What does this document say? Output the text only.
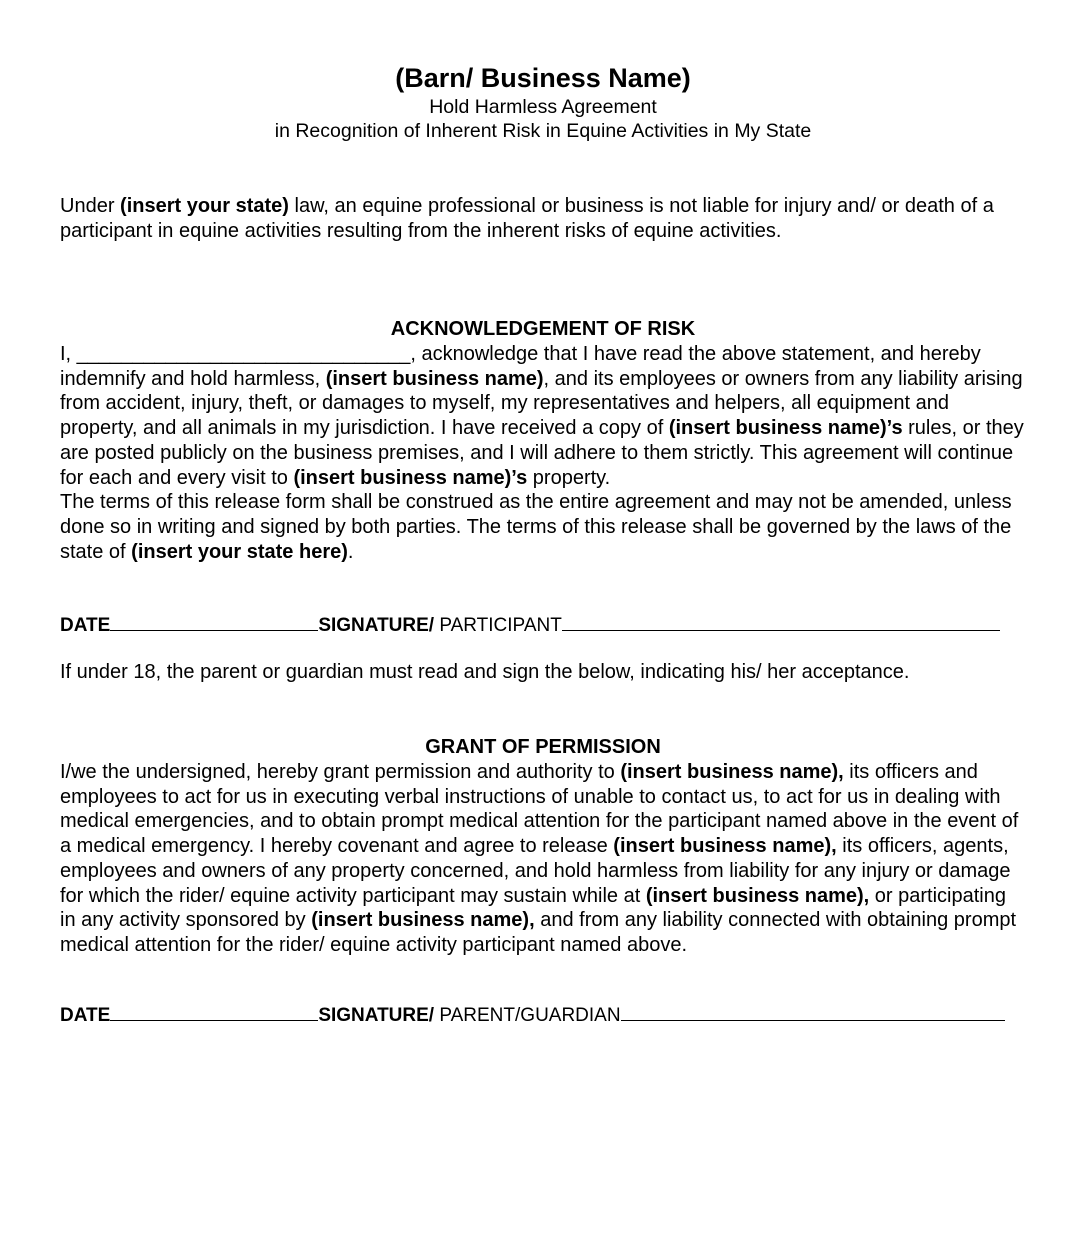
(Barn/ Business Name)
Hold Harmless Agreement
in Recognition of Inherent Risk in Equine Activities in My State
Under (insert your state) law, an equine professional or business is not liable for injury and/ or death of a participant in equine activities resulting from the inherent risks of equine activities.
ACKNOWLEDGEMENT OF RISK
I, ______________________________, acknowledge that I have read the above statement, and hereby indemnify and hold harmless, (insert business name), and its employees or owners from any liability arising from accident, injury, theft, or damages to myself, my representatives and helpers, all equipment and property, and all animals in my jurisdiction. I have received a copy of (insert business name)’s rules, or they are posted publicly on the business premises, and I will adhere to them strictly. This agreement will continue for each and every visit to (insert business name)’s property.
The terms of this release form shall be construed as the entire agreement and may not be amended, unless done so in writing and signed by both parties. The terms of this release shall be governed by the laws of the state of (insert your state here).
DATE	SIGNATURE/ PARTICIPANT
If under 18, the parent or guardian must read and sign the below, indicating his/ her acceptance.
GRANT OF PERMISSION
I/we the undersigned, hereby grant permission and authority to (insert business name), its officers and employees to act for us in executing verbal instructions of unable to contact us, to act for us in dealing with medical emergencies, and to obtain prompt medical attention for the participant named above in the event of a medical emergency. I hereby covenant and agree to release (insert business name), its officers, agents, employees and owners of any property concerned, and hold harmless from liability for any injury or damage for which the rider/ equine activity participant may sustain while at (insert business name), or participating in any activity sponsored by (insert business name), and from any liability connected with obtaining prompt medical attention for the rider/ equine activity participant named above.
DATE	SIGNATURE/ PARENT/GUARDIAN
